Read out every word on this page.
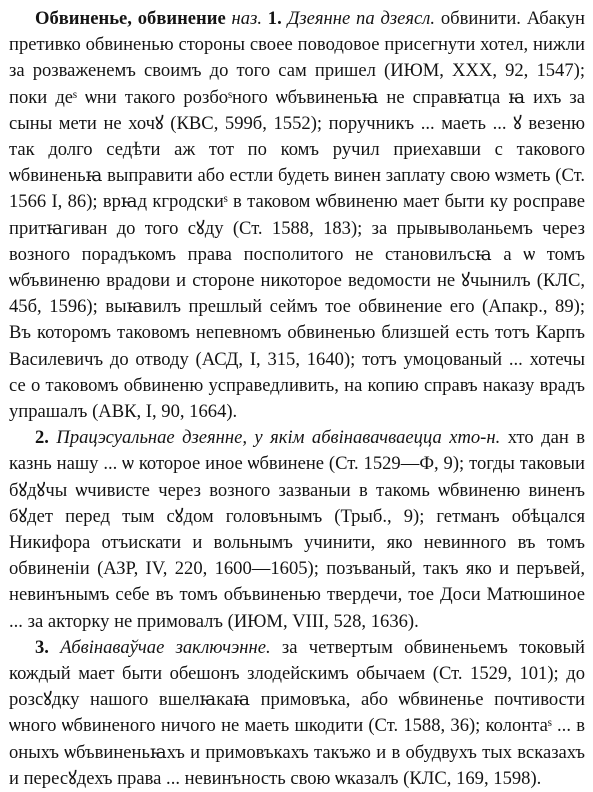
Обвиненье, обвинение наз. 1. Дзеянне па дзеясл. обвинити. Абакун претивко обвиненью стороны своее поводовое присегнути хотел, нижли за розваженемъ своимъ до того сам пришел (ИЮМ, XXX, 92, 1547); поки деˢ ѡни такого розбоˢного ѡбъвиненьꙗ не справꙗтца ꙗ ихъ за сыны мети не хочꙋ (КВС, 599б, 1552); поручникъ ... маеть ... ꙋ везеню так долго седѣти аж тот по комъ ручил приехавши с такового ѡбвиненьꙗ выправити або естли будеть винен заплату свою ѡзметь (Ст. 1566 I, 86); врꙗд кгродскиˢ в таковом ѡбвиненю мает быти ку росправе притꙗгиван до того сꙋду (Ст. 1588, 183); за прывыволаньемъ через возного порадъкомъ права посполитого не становилъсꙗ а ѡ томъ ѡбъвиненю врадови и стороне никоторое ведомости не ꙋчынилъ (КЛС, 45б, 1596); выꙗвилъ прешлый сеймъ тое обвинение его (Апакр., 89); Въ которомъ таковомъ непевномъ обвиненью близшей есть тотъ Карпъ Василевичъ до отводу (АСД, I, 315, 1640); тотъ умоцованый ... хотечы се о таковомъ обвиненю усправедливить, на копию справъ наказу врадъ упрашалъ (АВК, I, 90, 1664).

2. Працэсуальнае дзеянне, у якім абвінавачваецца хто-н. хто дан в казнь нашу ... ѡ которое иное ѡбвинене (Ст. 1529—Ф, 9); тогды таковыи бꙋдꙋчы ѡчивисте через возного зазваныи в такомь ѡбвиненю виненъ бꙋдет перед тым сꙋдом головънымъ (Трыб., 9); гетманъ обѣцался Никифора отъискати и вольнымъ учинити, яко невинного въ томъ обвиненіи (АЗР, IV, 220, 1600—1605); позъваный, такъ яко и перъвей, невинънымъ себе въ томъ объвиненью твердечи, тое Доси Матюшиное ... за акторку не примовалъ (ИЮМ, VIII, 528, 1636).

3. Абвінаваўчае заключэнне. за четвертым обвиненьемъ токовый кождый мает быти обешонъ злодейскимъ обычаем (Ст. 1529, 101); до розсꙋдку нашого вшелꙗкаꙗ примовъка, або ѡбвиненье почтивости ѡного ѡбвиненого ничого не маеть шкодити (Ст. 1588, 36); колонтаˢ ... в оныхъ ѡбъвиненьꙗхъ и примовъкахъ такъжо и в обудвухъ тых всказахъ и пересꙋдехъ права ... невинъность свою ѡказалъ (КЛС, 169, 1598).
